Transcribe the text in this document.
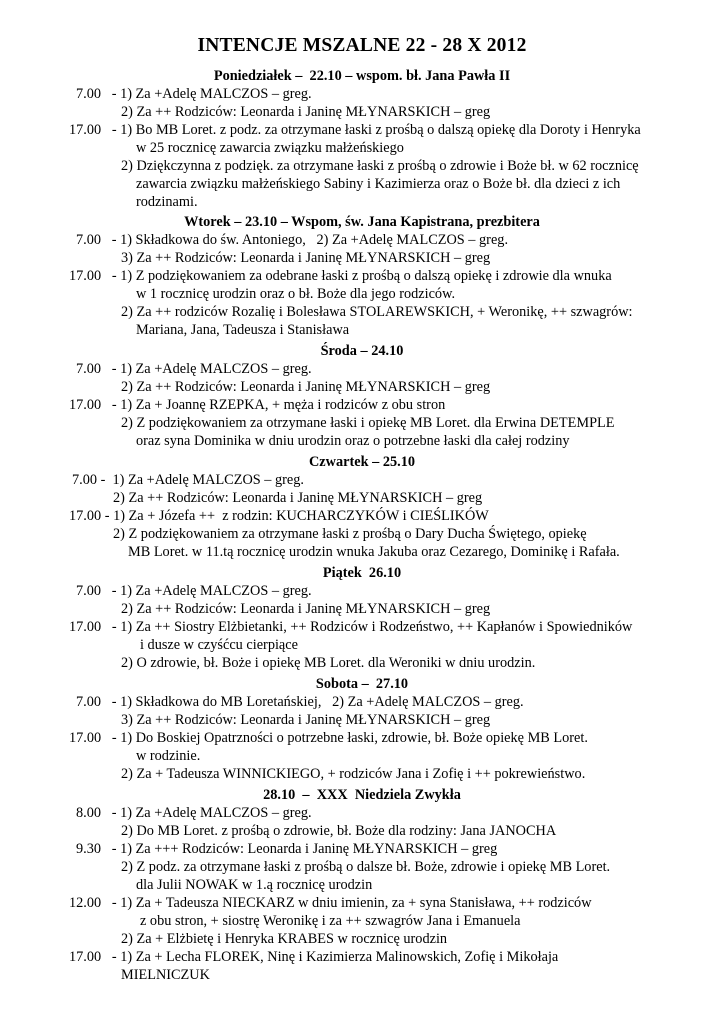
INTENCJE MSZALNE 22 - 28 X 2012
Poniedziałek –  22.10 – wspom. bł. Jana Pawła II
7.00   - 1) Za +Adelę MALCZOS – greg.
2) Za ++ Rodziców: Leonarda i Janinę MŁYNARSKICH – greg
17.00   - 1) Bo MB Loret. z podz. za otrzymane łaski z prośbą o dalszą opiekę dla Doroty i Henryka
w 25 rocznicę zawarcia związku małżeńskiego
2) Dziękczynna z podzięk. za otrzymane łaski z prośbą o zdrowie i Boże bł. w 62 rocznicę
zawarcia związku małżeńskiego Sabiny i Kazimierza oraz o Boże bł. dla dzieci z ich
rodzinami.
Wtorek – 23.10 – Wspom, św. Jana Kapistrana, prezbitera
7.00   - 1) Składkowa do św. Antoniego,   2) Za +Adelę MALCZOS – greg.
3) Za ++ Rodziców: Leonarda i Janinę MŁYNARSKICH – greg
17.00   - 1) Z podziękowaniem za odebrane łaski z prośbą o dalszą opiekę i zdrowie dla wnuka
w 1 rocznicę urodzin oraz o bł. Boże dla jego rodziców.
2) Za ++ rodziców Rozalię i Bolesława STOLAREWSKICH, + Weronikę, ++ szwagrów:
Mariana, Jana, Tadeusza i Stanisława
Środa – 24.10
7.00   - 1) Za +Adelę MALCZOS – greg.
2) Za ++ Rodziców: Leonarda i Janinę MŁYNARSKICH – greg
17.00   - 1) Za + Joannę RZEPKA, + męża i rodziców z obu stron
2) Z podziękowaniem za otrzymane łaski i opiekę MB Loret. dla Erwina DETEMPLE
oraz syna Dominika w dniu urodzin oraz o potrzebne łaski dla całej rodziny
Czwartek – 25.10
7.00 -  1) Za +Adelę MALCZOS – greg.
2) Za ++ Rodziców: Leonarda i Janinę MŁYNARSKICH – greg
17.00 - 1) Za + Józefa ++  z rodzin: KUCHARCZYKÓW i CIEŚLIKÓW
2) Z podziękowaniem za otrzymane łaski z prośbą o Dary Ducha Świętego, opiekę
MB Loret. w 11.tą rocznicę urodzin wnuka Jakuba oraz Cezarego, Dominikę i Rafała.
Piątek  26.10
7.00   - 1) Za +Adelę MALCZOS – greg.
2) Za ++ Rodziców: Leonarda i Janinę MŁYNARSKICH – greg
17.00   - 1) Za ++ Siostry Elżbietanki, ++ Rodziców i Rodzeństwo, ++ Kapłanów i Spowiedników
i dusze w czyśćcu cierpiące
2) O zdrowie, bł. Boże i opiekę MB Loret. dla Weroniki w dniu urodzin.
Sobota –  27.10
7.00   - 1) Składkowa do MB Loretańskiej,   2) Za +Adelę MALCZOS – greg.
3) Za ++ Rodziców: Leonarda i Janinę MŁYNARSKICH – greg
17.00   - 1) Do Boskiej Opatrzności o potrzebne łaski, zdrowie, bł. Boże opiekę MB Loret.
w rodzinie.
2) Za + Tadeusza WINNICKIEGO, + rodziców Jana i Zofię i ++ pokrewieństwo.
28.10  –  XXX  Niedziela Zwykła
8.00   - 1) Za +Adelę MALCZOS – greg.
2) Do MB Loret. z prośbą o zdrowie, bł. Boże dla rodziny: Jana JANOCHA
9.30   - 1) Za +++ Rodziców: Leonarda i Janinę MŁYNARSKICH – greg
2) Z podz. za otrzymane łaski z prośbą o dalsze bł. Boże, zdrowie i opiekę MB Loret.
dla Julii NOWAK w 1.ą rocznicę urodzin
12.00   - 1) Za + Tadeusza NIECKARZ w dniu imienin, za + syna Stanisława, ++ rodziców
z obu stron, + siostrę Weronikę i za ++ szwagrów Jana i Emanuela
2) Za + Elżbietę i Henryka KRABES w rocznicę urodzin
17.00   - 1) Za + Lecha FLOREK, Ninę i Kazimierza Malinowskich, Zofię i Mikołaja
MIELNICZUK
